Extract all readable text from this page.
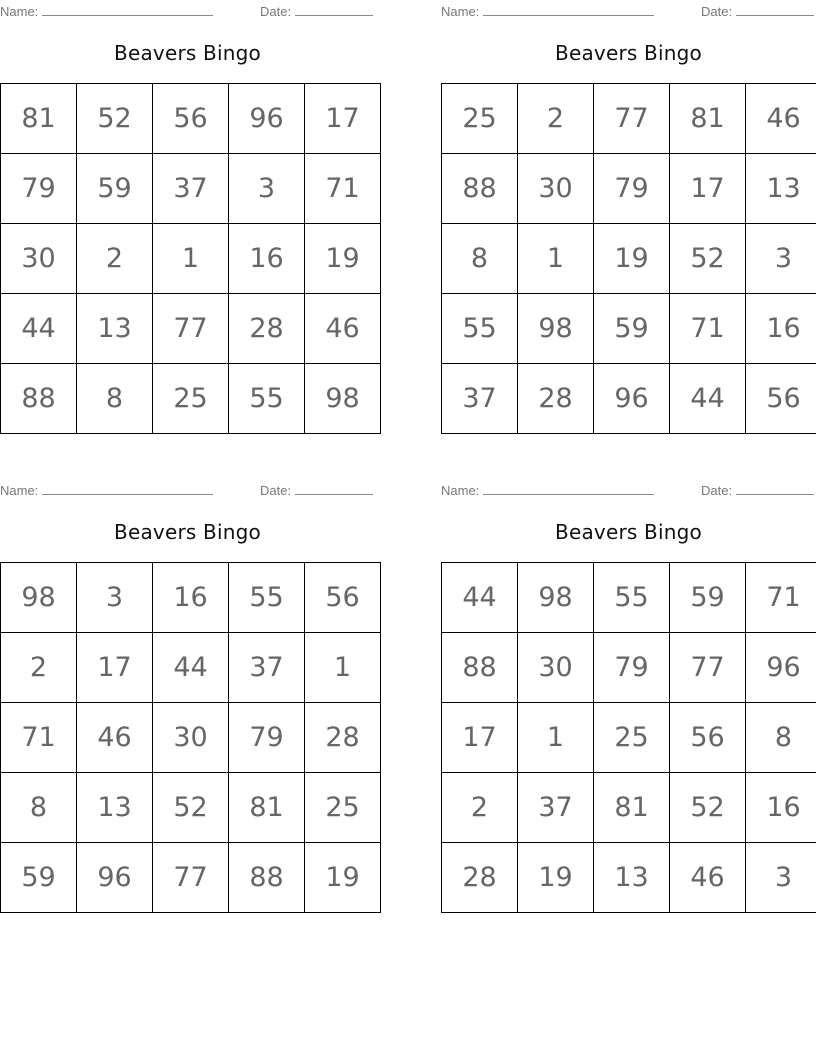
Name:	Date:
Beavers Bingo
81	52	56	96	17
79	59	37	3	71
30	2	1	16	19
44	13	77	28	46
88	8	25	55	98
Name:	Date:
Beavers Bingo
25	2	77	81	46
88	30	79	17	13
8	1	19	52	3
55	98	59	71	16
37	28	96	44	56
Name:	Date:
Beavers Bingo
98	3	16	55	56
2	17	44	37	1
71	46	30	79	28
8	13	52	81	25
59	96	77	88	19
Name:	Date:
Beavers Bingo
44	98	55	59	71
88	30	79	77	96
17	1	25	56	8
2	37	81	52	16
28	19	13	46	3
